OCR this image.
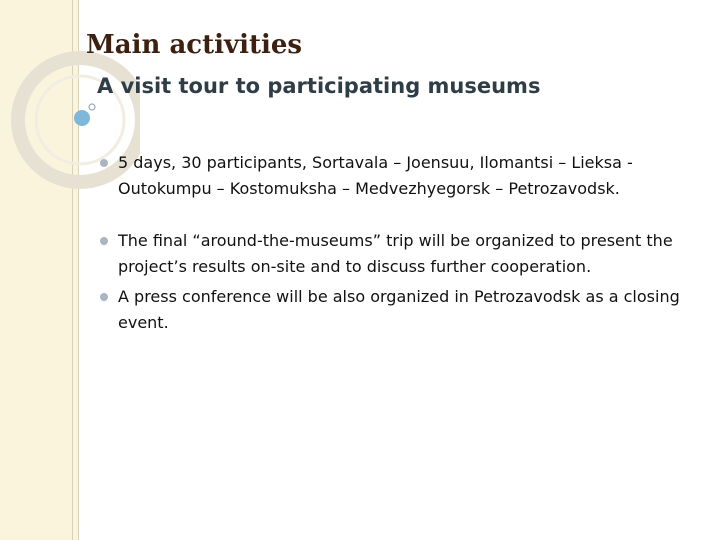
Main activities
A visit tour to participating museums
5 days, 30 participants, Sortavala – Joensuu, Ilomantsi – Lieksa - Outokumpu – Kostomuksha – Medvezhyegorsk – Petrozavodsk.
The final “around-the-museums” trip will be organized to present the project’s results on-site and to discuss further cooperation.
A press conference will be also organized in Petrozavodsk as a closing event.
